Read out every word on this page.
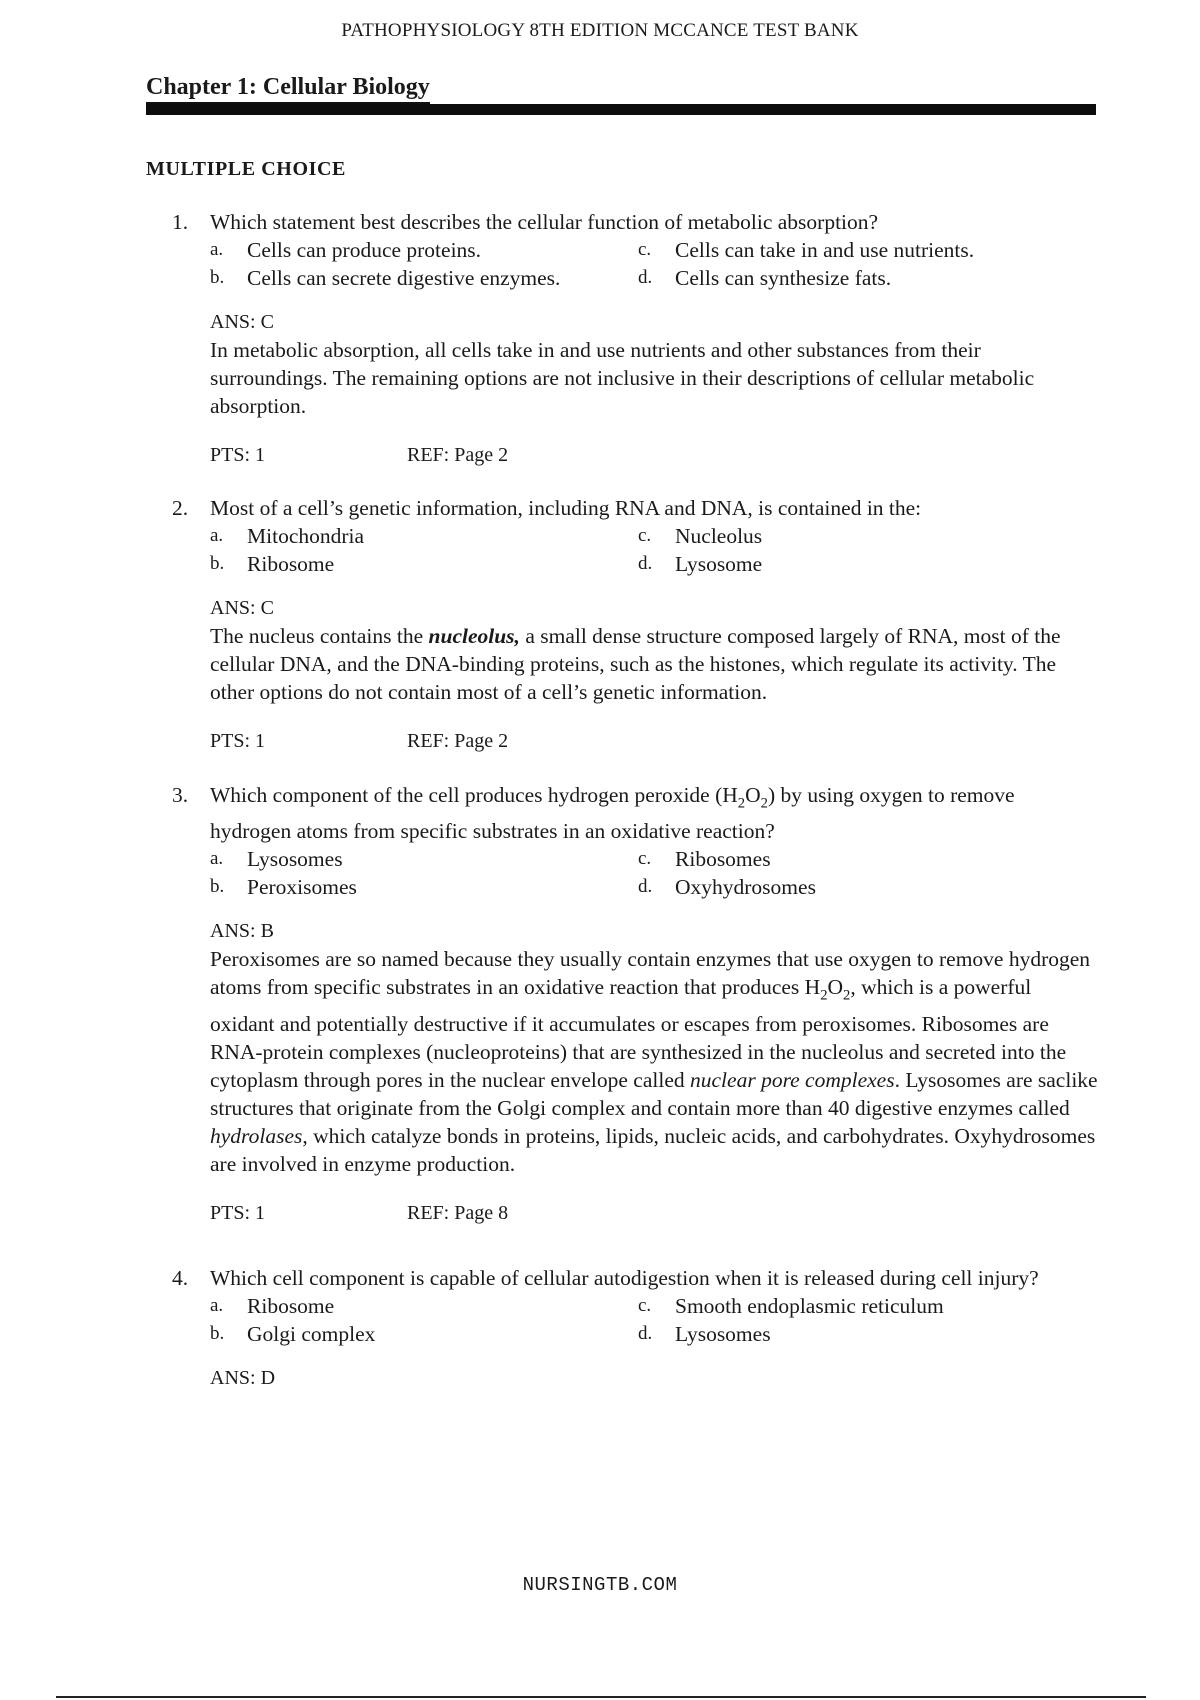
PATHOPHYSIOLOGY 8TH EDITION MCCANCE TEST BANK
Chapter 1: Cellular Biology
MULTIPLE CHOICE
1. Which statement best describes the cellular function of metabolic absorption?
a.	Cells can produce proteins.	c.	Cells can take in and use nutrients.
b.	Cells can secrete digestive enzymes.	d.	Cells can synthesize fats.
ANS: C
In metabolic absorption, all cells take in and use nutrients and other substances from their surroundings. The remaining options are not inclusive in their descriptions of cellular metabolic absorption.
PTS: 1	REF: Page 2
2. Most of a cell’s genetic information, including RNA and DNA, is contained in the:
a.	Mitochondria	c.	Nucleolus
b.	Ribosome	d.	Lysosome
ANS: C
The nucleus contains the nucleolus, a small dense structure composed largely of RNA, most of the cellular DNA, and the DNA-binding proteins, such as the histones, which regulate its activity. The other options do not contain most of a cell’s genetic information.
PTS: 1	REF: Page 2
3. Which component of the cell produces hydrogen peroxide $(H_2O_2)$ by using oxygen to remove hydrogen atoms from specific substrates in an oxidative reaction?
a.	Lysosomes	c.	Ribosomes
b.	Peroxisomes	d.	Oxyhydrosomes
ANS: B
Peroxisomes are so named because they usually contain enzymes that use oxygen to remove hydrogen atoms from specific substrates in an oxidative reaction that produces $H_2O_2$, which is a powerful oxidant and potentially destructive if it accumulates or escapes from peroxisomes. Ribosomes are RNA-protein complexes (nucleoproteins) that are synthesized in the nucleolus and secreted into the cytoplasm through pores in the nuclear envelope called nuclear pore complexes. Lysosomes are saclike structures that originate from the Golgi complex and contain more than 40 digestive enzymes called hydrolases, which catalyze bonds in proteins, lipids, nucleic acids, and carbohydrates. Oxyhydrosomes are involved in enzyme production.
PTS: 1	REF: Page 8
4. Which cell component is capable of cellular autodigestion when it is released during cell injury?
a.	Ribosome	c.	Smooth endoplasmic reticulum
b.	Golgi complex	d.	Lysosomes
ANS: D
NURSINGTB.COM
